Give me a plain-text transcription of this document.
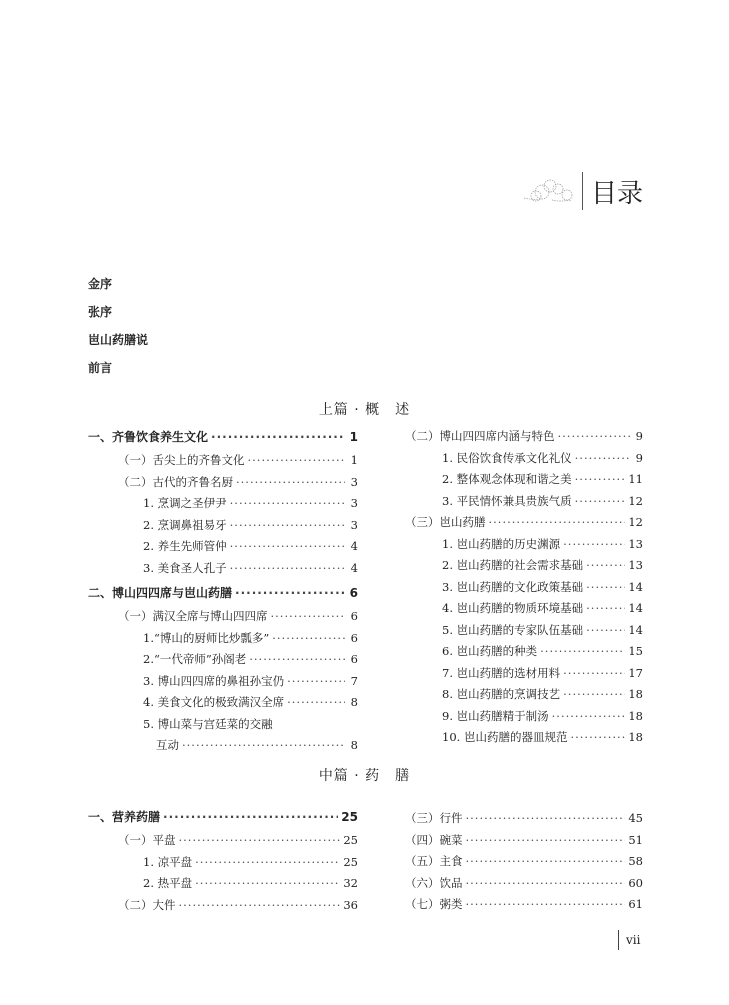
目录
金序
张序
岜山药膳说
前言
上篇 · 概　述
一、齐鲁饮食养生文化 ·····	1
（一）舌尖上的齐鲁文化 ·····	1
（二）古代的齐鲁名厨 ·····	3
1. 烹调之圣伊尹 ·····	3
2. 烹调鼻祖易牙 ·····	3
2. 养生先师管仲 ·····	4
3. 美食圣人孔子 ·····	4
二、博山四四席与岜山药膳 ·····	6
（一）满汉全席与博山四四席 ·····	6
1.“博山的厨师比炒瓢多” ·····	6
2.“一代帝师”孙阁老 ·····	6
3. 博山四四席的鼻祖孙宝仍 ·····	7
4. 美食文化的极致满汉全席 ·····	8
5. 博山菜与宫廷菜的交融
互动 ·····	8
（二）博山四四席内涵与特色 ·····	9
1. 民俗饮食传承文化礼仪 ·····	9
2. 整体观念体现和谐之美 ·····	11
3. 平民情怀兼具贵族气质 ·····	12
（三）岜山药膳 ·····	12
1. 岜山药膳的历史渊源 ·····	13
2. 岜山药膳的社会需求基础 ·····	13
3. 岜山药膳的文化政策基础 ·····	14
4. 岜山药膳的物质环境基础 ·····	14
5. 岜山药膳的专家队伍基础 ·····	14
6. 岜山药膳的种类 ·····	15
7. 岜山药膳的选材用料 ·····	17
8. 岜山药膳的烹调技艺 ·····	18
9. 岜山药膳精于制汤 ·····	18
10. 岜山药膳的器皿规范 ·····	18
中篇 · 药　膳
一、营养药膳 ·····	25
（一）平盘 ·····	25
1. 凉平盘 ·····	25
2. 热平盘 ·····	32
（二）大件 ·····	36
（三）行件 ·····	45
（四）碗菜 ·····	51
（五）主食 ·····	58
（六）饮品 ·····	60
（七）粥类 ·····	61
vii
